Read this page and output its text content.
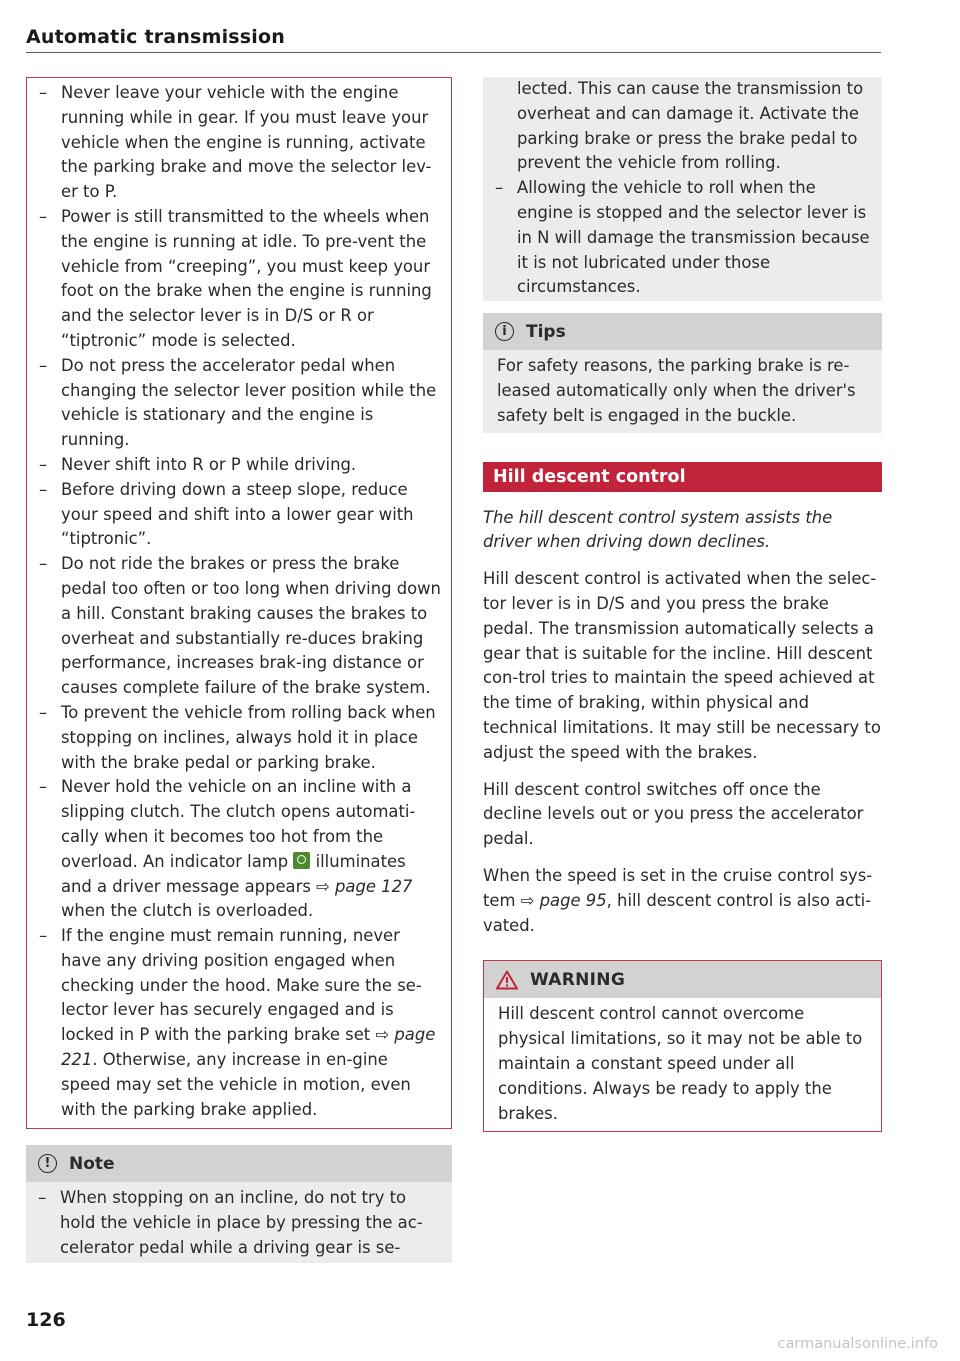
Automatic transmission
– Never leave your vehicle with the engine running while in gear. If you must leave your vehicle when the engine is running, activate the parking brake and move the selector lev-er to P.
– Power is still transmitted to the wheels when the engine is running at idle. To pre-vent the vehicle from “creeping”, you must keep your foot on the brake when the engine is running and the selector lever is in D/S or R or “tiptronic” mode is selected.
– Do not press the accelerator pedal when changing the selector lever position while the vehicle is stationary and the engine is running.
– Never shift into R or P while driving.
– Before driving down a steep slope, reduce your speed and shift into a lower gear with “tiptronic”.
– Do not ride the brakes or press the brake pedal too often or too long when driving down a hill. Constant braking causes the brakes to overheat and substantially re-duces braking performance, increases brak-ing distance or causes complete failure of the brake system.
– To prevent the vehicle from rolling back when stopping on inclines, always hold it in place with the brake pedal or parking brake.
– Never hold the vehicle on an incline with a slipping clutch. The clutch opens automati-cally when it becomes too hot from the overload. An indicator lamp  illuminates and a driver message appears ⇨ page 127 when the clutch is overloaded.
– If the engine must remain running, never have any driving position engaged when checking under the hood. Make sure the se-lector lever has securely engaged and is locked in P with the parking brake set ⇨ page 221. Otherwise, any increase in en-gine speed may set the vehicle in motion, even with the parking brake applied.
!	Note
– When stopping on an incline, do not try to hold the vehicle in place by pressing the ac-celerator pedal while a driving gear is se-
lected. This can cause the transmission to overheat and can damage it. Activate the parking brake or press the brake pedal to prevent the vehicle from rolling.
– Allowing the vehicle to roll when the engine is stopped and the selector lever is in N will damage the transmission because it is not lubricated under those circumstances.
i	Tips
For safety reasons, the parking brake is re-leased automatically only when the driver's safety belt is engaged in the buckle.
Hill descent control
The hill descent control system assists the driver when driving down declines.
Hill descent control is activated when the selec-tor lever is in D/S and you press the brake pedal. The transmission automatically selects a gear that is suitable for the incline. Hill descent con-trol tries to maintain the speed achieved at the time of braking, within physical and technical limitations. It may still be necessary to adjust the speed with the brakes.
Hill descent control switches off once the decline levels out or you press the accelerator pedal.
When the speed is set in the cruise control sys-tem ⇨ page 95, hill descent control is also acti-vated.
WARNING
Hill descent control cannot overcome physical limitations, so it may not be able to maintain a constant speed under all conditions. Always be ready to apply the brakes.
126
carmanualsonline.info
